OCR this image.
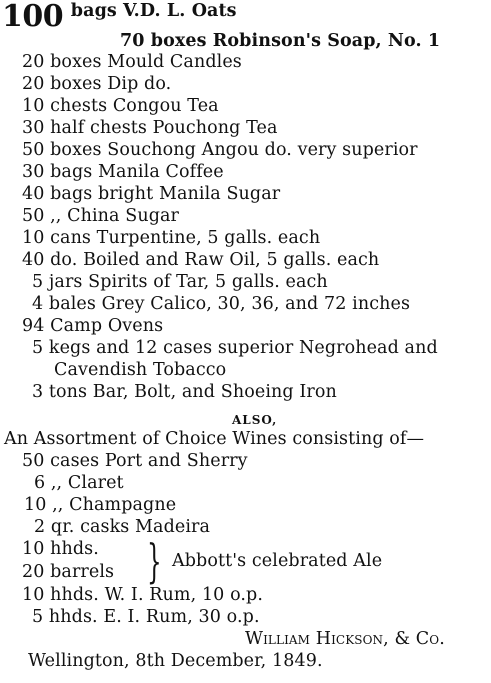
100 bags V.D. L. Oats
70 boxes Robinson's Soap, No. 1
20 boxes Mould Candles
20 boxes Dip do.
10 chests Congou Tea
30 half chests Pouchong Tea
50 boxes Souchong Angou do. very superior
30 bags Manila Coffee
40 bags bright Manila Sugar
50 ,, China Sugar
10 cans Turpentine, 5 galls. each
40 do. Boiled and Raw Oil, 5 galls. each
5 jars Spirits of Tar, 5 galls. each
4 bales Grey Calico, 30, 36, and 72 inches
94 Camp Ovens
5 kegs and 12 cases superior Negrohead and
Cavendish Tobacco
3 tons Bar, Bolt, and Shoeing Iron
ALSO,
An Assortment of Choice Wines consisting of—
50 cases Port and Sherry
6 ,, Claret
10 ,, Champagne
2 qr. casks Madeira
10 hhds.
20 barrels } Abbott's celebrated Ale
10 hhds. W. I. Rum, 10 o.p.
5 hhds. E. I. Rum, 30 o.p.
William Hickson, & Co.
Wellington, 8th December, 1849.
